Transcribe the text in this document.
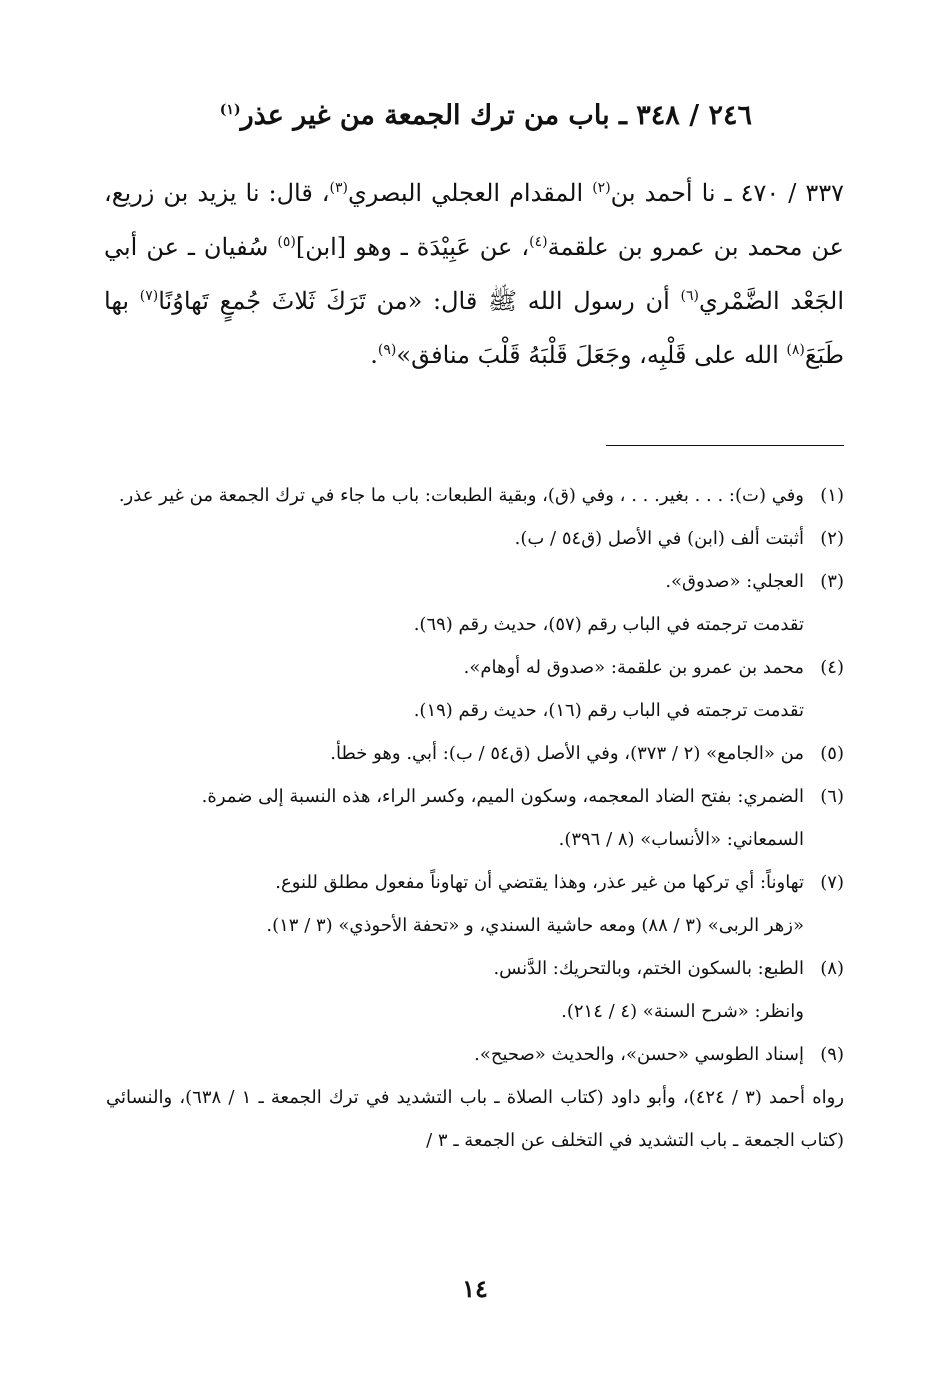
٢٤٦ / ٣٤٨ ـ باب من ترك الجمعة من غير عذر$^{(١)}$

٣٣٧ / ٤٧٠ ـ نا أحمد بن$^{(٢)}$ المقدام العجلي البصري$^{(٣)}$، قال: نا يزيد بن زريع، عن محمد بن عمرو بن علقمة$^{(٤)}$، عن عَبِيْدَة ـ وهو [ابن]$^{(٥)}$ سُفيان ـ عن أبي الجَعْد الضَّمْري$^{(٦)}$ أن رسول الله ﷺ قال: «من تَرَكَ ثَلاثَ جُمعٍ تَهاوُنًا$^{(٧)}$ بها طَبَعَ$^{(٨)}$ الله على قَلْبِه، وجَعَلَ قَلْبَهُ قَلْبَ منافق»$^{(٩)}$.

(١)
وفي (ت): . . . بغير. . . ، وفي (ق)، وبقية الطبعات: باب ما جاء في ترك الجمعة من غير عذر.
(٢)
أثبتت ألف (ابن) في الأصل (ق٥٤ / ب).
(٣)
العجلي: «صدوق».
تقدمت ترجمته في الباب رقم (٥٧)، حديث رقم (٦٩).
(٤)
محمد بن عمرو بن علقمة: «صدوق له أوهام».
تقدمت ترجمته في الباب رقم (١٦)، حديث رقم (١٩).
(٥)
من «الجامع» (٢ / ٣٧٣)، وفي الأصل (ق٥٤ / ب): أبي. وهو خطأ.
(٦)
الضمري: بفتح الضاد المعجمه، وسكون الميم، وكسر الراء، هذه النسبة إلى ضمرة.
السمعاني: «الأنساب» (٨ / ٣٩٦).
(٧)
تهاوناً: أي تركها من غير عذر، وهذا يقتضي أن تهاوناً مفعول مطلق للنوع.
«زهر الربى» (٣ / ٨٨) ومعه حاشية السندي، و «تحفة الأحوذي» (٣ / ١٣).
(٨)
الطبع: بالسكون الختم، وبالتحريك: الدَّنس.
وانظر: «شرح السنة» (٤ / ٢١٤).
(٩)
إسناد الطوسي «حسن»، والحديث «صحيح».
رواه أحمد (٣ / ٤٢٤)، وأبو داود (كتاب الصلاة ـ باب التشديد في ترك الجمعة ـ ١ / ٦٣٨)، والنسائي (كتاب الجمعة ـ باب التشديد في التخلف عن الجمعة ـ ٣ /
١٤
